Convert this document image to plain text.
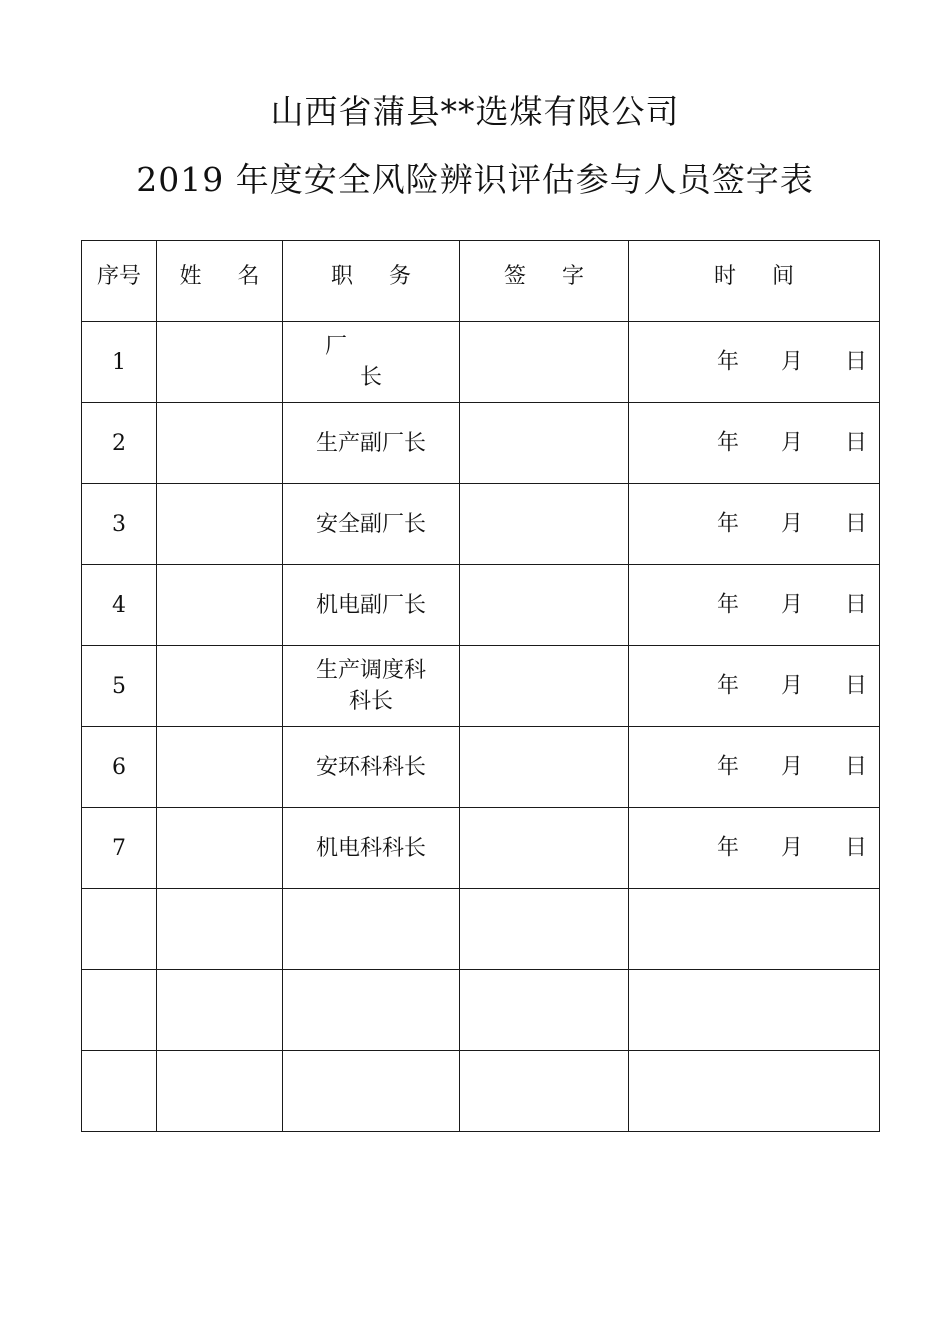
山西省蒲县**选煤有限公司
2019 年度安全风险辨识评估参与人员签字表
序号	姓名	职务	签字	时间
1		厂长		年 月 日

2		生产副厂长		年 月 日

3		安全副厂长		年 月 日

4		机电副厂长		年 月 日

5		生产调度科科长		年 月 日

6		安环科科长		年 月 日

7		机电科科长		年 月 日
